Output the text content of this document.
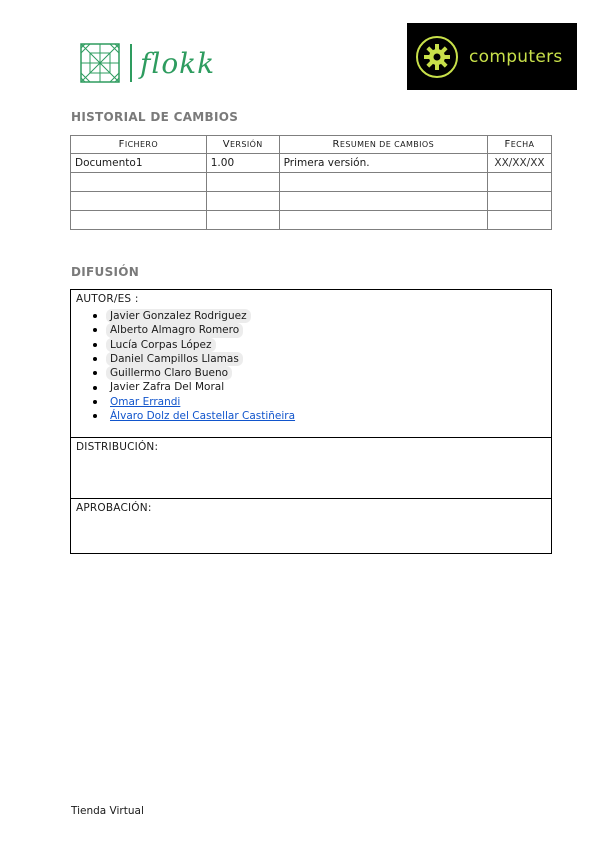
flokk	computers
HISTORIAL DE CAMBIOS
FICHERO	VERSIÓN	RESUMEN DE CAMBIOS	FECHA
Documento1	1.00	Primera versión.	XX/XX/XX

DIFUSIÓN
AUTOR/ES :
Javier Gonzalez Rodriguez
Alberto Almagro Romero
Lucía Corpas López
Daniel Campillos Llamas
Guillermo Claro Bueno
Javier Zafra Del Moral
Omar Errandi
Álvaro Dolz del Castellar Castiñeira
DISTRIBUCIÓN:
APROBACIÓN:
Tienda Virtual
